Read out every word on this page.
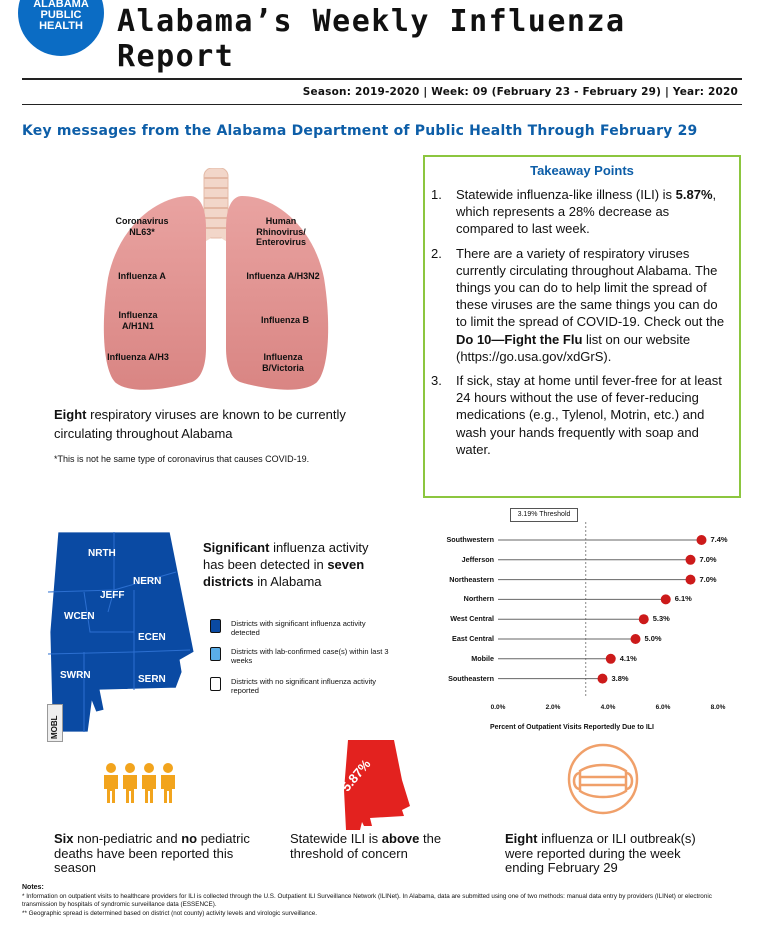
ALABAMA
PUBLIC
HEALTH	Alabama’s Weekly Influenza Report
Season: 2019-2020 | Week: 09 (February 23 - February 29) | Year: 2020
Key messages from the Alabama Department of Public Health Through February 29
Coronavirus NL63*
Influenza A
Influenza A/H1N1
Influenza A/H3
Human Rhinovirus/ Enterovirus
Influenza A/H3N2
Influenza B
Influenza B/Victoria
Eight respiratory viruses are known to be currently circulating throughout Alabama
*This is not he same type of coronavirus that causes COVID-19.
Takeaway Points
1. Statewide influenza-like illness (ILI) is 5.87%, which represents a 28% decrease as compared to last week.
2. There are a variety of respiratory viruses currently circulating throughout Alabama. The things you can do to help limit the spread of these viruses are the same things you can do to limit the spread of COVID-19. Check out the Do 10—Fight the Flu list on our website (https://go.usa.gov/xdGrS).
3. If sick, stay at home until fever-free for at least 24 hours without the use of fever-reducing medications (e.g., Tylenol, Motrin, etc.) and wash your hands frequently with soap and water.
NRTH
NERN
JEFF
WCEN
ECEN
SWRN	SERN
MOBL
Significant influenza activity has been detected in seven districts in Alabama
Districts with significant influenza activity detected
Districts with lab-confirmed case(s) within last 3 weeks
Districts with no significant influenza activity reported
3.19% Threshold
Percent of Outpatient Visits Reportedly Due to ILI
Southwestern	7.4%
Jefferson	7.0%
Northeastern	7.0%
Northern	6.1%
West Central	5.3%
East Central	5.0%
Mobile	4.1%
Southeastern	3.8%
0.0%	2.0%	4.0%	6.0%	8.0%
5.87%
Six non-pediatric and no pediatric deaths have been reported this season
Statewide ILI is above the threshold of concern
Eight influenza or ILI outbreak(s) were reported during the week ending February 29
Notes:
* Information on outpatient visits to healthcare providers for ILI is collected through the U.S. Outpatient ILI Surveillance Network (ILINet). In Alabama, data are submitted using one of two methods: manual data entry by providers (ILINet) or electronic transmission by hospitals of syndromic surveillance data (ESSENCE).
** Geographic spread is determined based on district (not county) activity levels and virologic surveillance.
